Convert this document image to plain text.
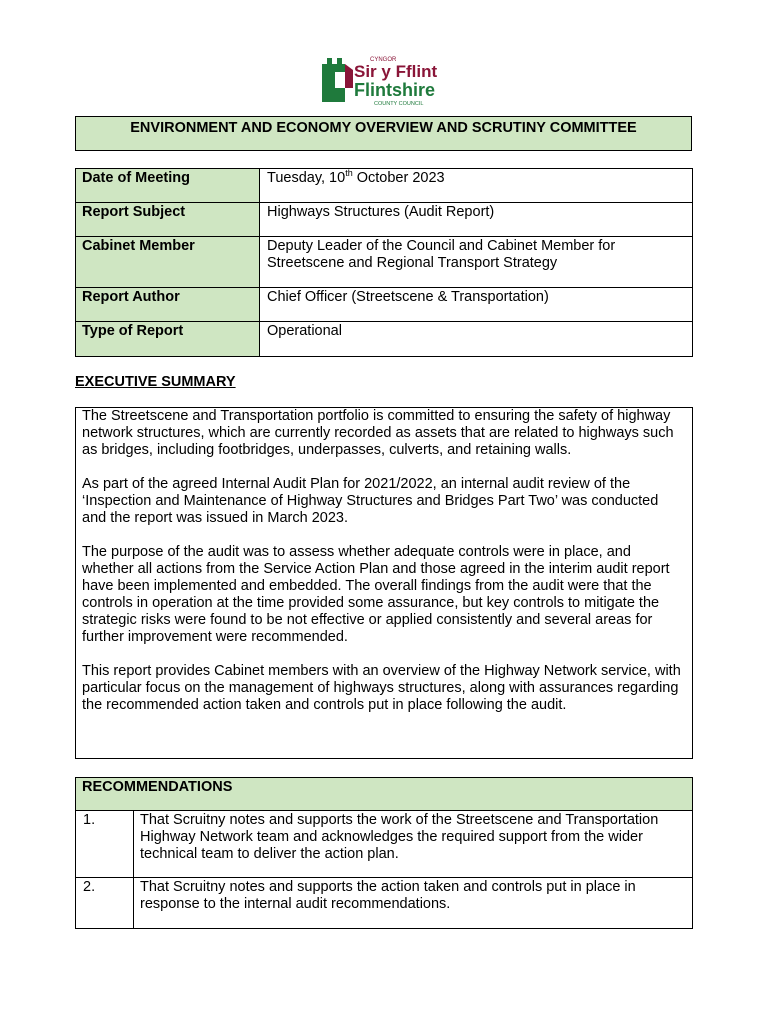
CYNGOR
Sir y Fflint
Flintshire
COUNTY COUNCIL
ENVIRONMENT AND ECONOMY OVERVIEW AND SCRUTINY COMMITTEE
Date of Meeting	Tuesday, 10th October 2023
Report Subject	Highways Structures (Audit Report)
Cabinet Member	Deputy Leader of the Council and Cabinet Member for Streetscene and Regional Transport Strategy
Report Author	Chief Officer (Streetscene & Transportation)
Type of Report	Operational
EXECUTIVE SUMMARY

The Streetscene and Transportation portfolio is committed to ensuring the safety of highway network structures, which are currently recorded as assets that are related to highways such as bridges, including footbridges, underpasses, culverts, and retaining walls.

As part of the agreed Internal Audit Plan for 2021/2022, an internal audit review of the ‘Inspection and Maintenance of Highway Structures and Bridges Part Two’ was conducted and the report was issued in March 2023.

The purpose of the audit was to assess whether adequate controls were in place, and whether all actions from the Service Action Plan and those agreed in the interim audit report have been implemented and embedded. The overall findings from the audit were that the controls in operation at the time provided some assurance, but key controls to mitigate the strategic risks were found to be not effective or applied consistently and several areas for further improvement were recommended.

This report provides Cabinet members with an overview of the Highway Network service, with particular focus on the management of highways structures, along with assurances regarding the recommended action taken and controls put in place following the audit.

RECOMMENDATIONS	
1.	That Scruitny notes and supports the work of the Streetscene and Transportation Highway Network team and acknowledges the required support from the wider technical team to deliver the action plan.
2.	That Scruitny notes and supports the action taken and controls put in place in response to the internal audit recommendations.
